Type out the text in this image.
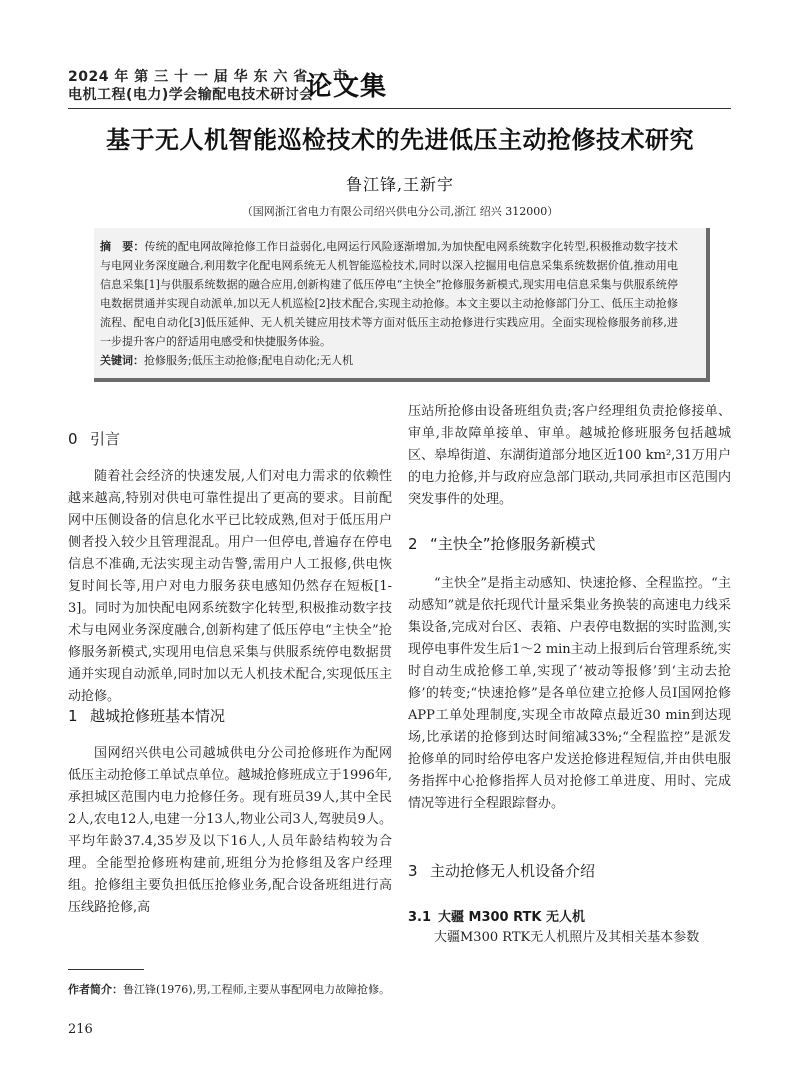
2024 年 第 三 十 一 届 华 东 六 省 一 市
电机工程(电力)学会输配电技术研讨会
论文集
基于无人机智能巡检技术的先进低压主动抢修技术研究
鲁江锋,王新宇
（国网浙江省电力有限公司绍兴供电分公司,浙江 绍兴 312000）
摘　要：传统的配电网故障抢修工作日益弱化,电网运行风险逐渐增加,为加快配电网系统数字化转型,积极推动数字技术与电网业务深度融合,利用数字化配电网系统无人机智能巡检技术,同时以深入挖掘用电信息采集系统数据价值,推动用电信息采集[1]与供服系统数据的融合应用,创新构建了低压停电“主快全”抢修服务新模式,现实用电信息采集与供服系统停电数据贯通并实现自动派单,加以无人机巡检[2]技术配合,实现主动抢修。本文主要以主动抢修部门分工、低压主动抢修流程、配电自动化[3]低压延伸、无人机关键应用技术等方面对低压主动抢修进行实践应用。全面实现检修服务前移,进一步提升客户的舒适用电感受和快捷服务体验。
关键词：抢修服务;低压主动抢修;配电自动化;无人机
0 引言
1 越城抢修班基本情况

随着社会经济的快速发展,人们对电力需求的依赖性越来越高,特别对供电可靠性提出了更高的要求。目前配网中压侧设备的信息化水平已比较成熟,但对于低压用户侧者投入较少且管理混乱。用户一但停电,普遍存在停电信息不准确,无法实现主动告警,需用户人工报修,供电恢复时间长等,用户对电力服务获电感知仍然存在短板[1-3]。同时为加快配电网系统数字化转型,积极推动数字技术与电网业务深度融合,创新构建了低压停电“主快全”抢修服务新模式,实现用电信息采集与供服系统停电数据贯通并实现自动派单,同时加以无人机技术配合,实现低压主动抢修。

国网绍兴供电公司越城供电分公司抢修班作为配网低压主动抢修工单试点单位。越城抢修班成立于1996年,承担城区范围内电力抢修任务。现有班员39人,其中全民2人,农电12人,电建一分13人,物业公司3人,驾驶员9人。平均年龄37.4,35岁及以下16人,人员年龄结构较为合理。全能型抢修班构建前,班组分为抢修组及客户经理组。抢修组主要负担低压抢修业务,配合设备班组进行高压线路抢修,高

压站所抢修由设备班组负责;客户经理组负责抢修接单、审单,非故障单接单、审单。越城抢修班服务包括越城区、皋埠街道、东湖街道部分地区近100 km²,31万用户的电力抢修,并与政府应急部门联动,共同承担市区范围内突发事件的处理。

2 “主快全”抢修服务新模式

“主快全”是指主动感知、快速抢修、全程监控。“主动感知”就是依托现代计量采集业务换装的高速电力线采集设备,完成对台区、表箱、户表停电数据的实时监测,实现停电事件发生后1～2 min主动上报到后台管理系统,实时自动生成抢修工单,实现了‘被动等报修’到‘主动去抢修’的转变;“快速抢修”是各单位建立抢修人员I国网抢修APP工单处理制度,实现全市故障点最近30 min到达现场,比承诺的抢修到达时间缩减33%;“全程监控”是派发抢修单的同时给停电客户发送抢修进程短信,并由供电服务指挥中心抢修指挥人员对抢修工单进度、用时、完成情况等进行全程跟踪督办。

3 主动抢修无人机设备介绍
3.1 大疆 M300 RTK 无人机

大疆M300 RTK无人机照片及其相关基本参数

作者简介：鲁江锋(1976),男,工程师,主要从事配网电力故障抢修。
216
